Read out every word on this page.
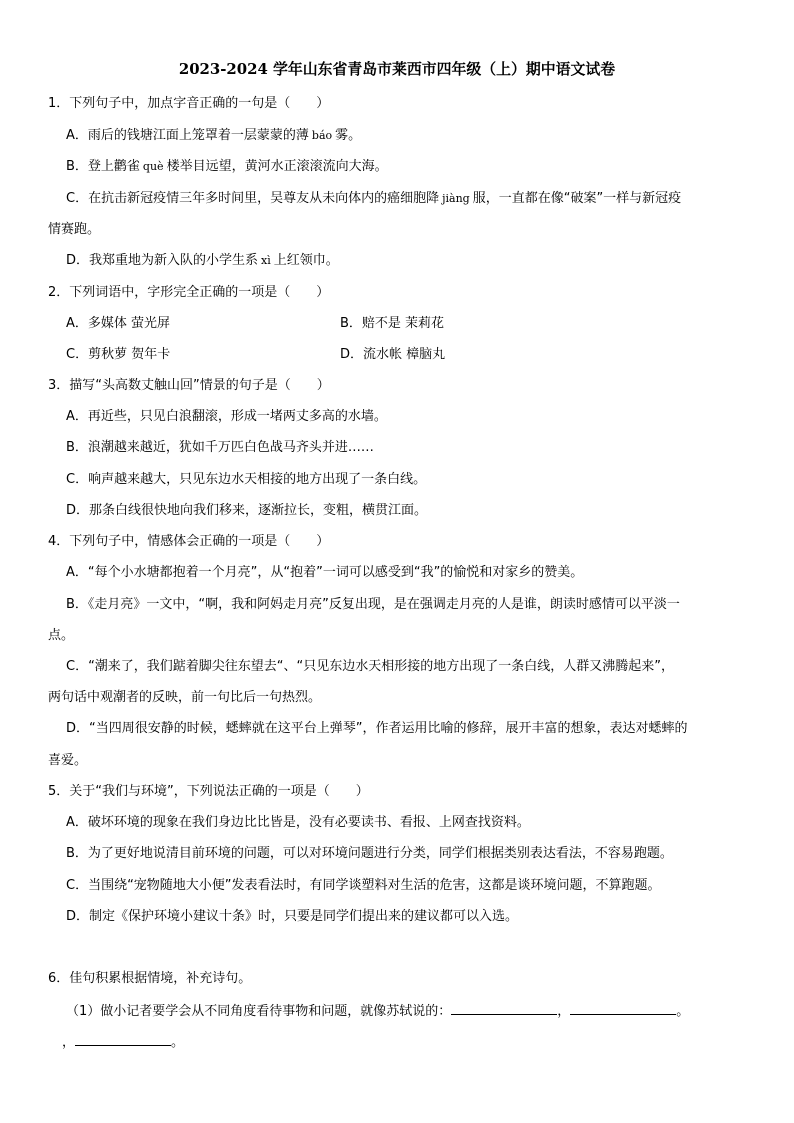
2023-2024 学年山东省青岛市莱西市四年级（上）期中语文试卷
1．下列句子中，加点字音正确的一句是（　　）
A．雨后的钱塘江面上笼罩着一层蒙蒙的薄 báo 雾。
B．登上鹳雀 què 楼举目远望，黄河水正滚滚流向大海。
C．在抗击新冠疫情三年多时间里，吴尊友从未向体内的癌细胞降 jiàng 服，一直都在像“破案”一样与新冠疫
情赛跑。
D．我郑重地为新入队的小学生系 xì 上红领巾。
2．下列词语中，字形完全正确的一项是（　　）
A．多媒体 萤光屏	B．赔不是 茉莉花
C．剪秋萝 贺年卡	D．流水帐 樟脑丸
3．描写“头高数丈触山回”情景的句子是（　　）
A．再近些，只见白浪翻滚，形成一堵两丈多高的水墙。
B．浪潮越来越近，犹如千万匹白色战马齐头并进……
C．响声越来越大，只见东边水天相接的地方出现了一条白线。
D．那条白线很快地向我们移来，逐渐拉长，变粗，横贯江面。
4．下列句子中，情感体会正确的一项是（　　）
A．“每个小水塘都抱着一个月亮”，从“抱着”一词可以感受到“我”的愉悦和对家乡的赞美。
B．《走月亮》一文中，“啊，我和阿妈走月亮”反复出现，是在强调走月亮的人是谁，朗读时感情可以平淡一
点。
C．“潮来了，我们踮着脚尖往东望去“、“只见东边水天相形接的地方出现了一条白线，人群又沸腾起来”，
两句话中观潮者的反映，前一句比后一句热烈。
D．“当四周很安静的时候，蟋蟀就在这平台上弹琴”，作者运用比喻的修辞，展开丰富的想象，表达对蟋蟀的
喜爱。
5．关于“我们与环境”，下列说法正确的一项是（　　）
A．破坏环境的现象在我们身边比比皆是，没有必要读书、看报、上网查找资料。
B．为了更好地说清目前环境的问题，可以对环境问题进行分类，同学们根据类别表达看法，不容易跑题。
C．当围绕“宠物随地大小便”发表看法时，有同学谈塑料对生活的危害，这都是谈环境问题，不算跑题。
D．制定《保护环境小建议十条》时，只要是同学们提出来的建议都可以入选。
6．佳句积累根据情境，补充诗句。
（1）做小记者要学会从不同角度看待事物和问题，就像苏轼说的：	，	。
，	。
